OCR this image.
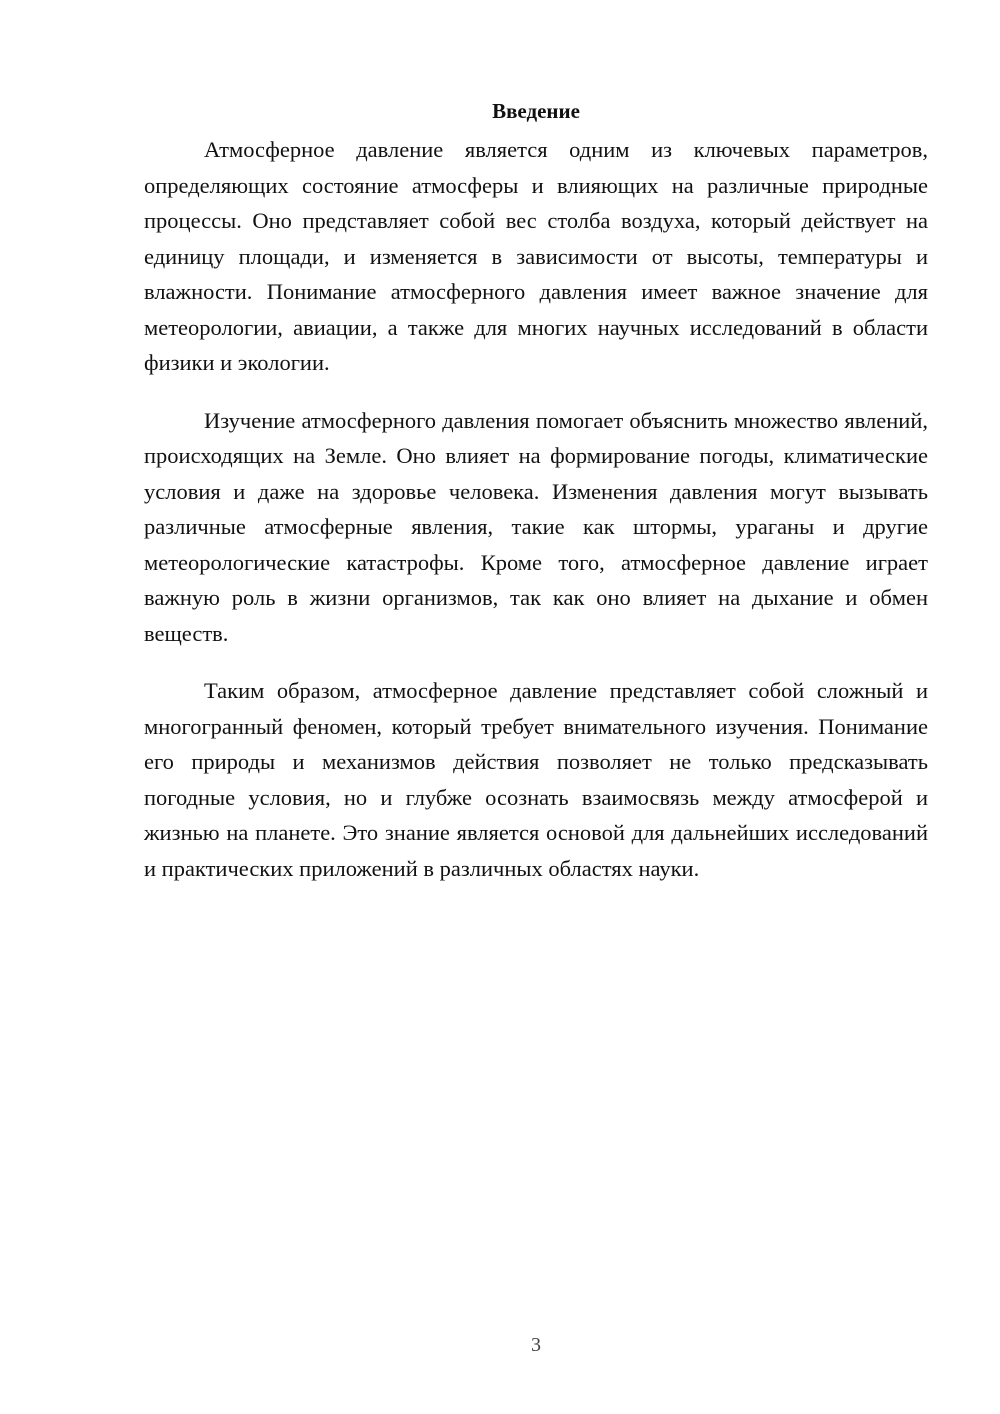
Введение

Атмосферное давление является одним из ключевых параметров, определяющих состояние атмосферы и влияющих на различные природные процессы. Оно представляет собой вес столба воздуха, который действует на единицу площади, и изменяется в зависимости от высоты, температуры и влажности. Понимание атмосферного давления имеет важное значение для метеорологии, авиации, а также для многих научных исследований в области физики и экологии.

Изучение атмосферного давления помогает объяснить множество явлений, происходящих на Земле. Оно влияет на формирование погоды, климатические условия и даже на здоровье человека. Изменения давления могут вызывать различные атмосферные явления, такие как штормы, ураганы и другие метеорологические катастрофы. Кроме того, атмосферное давление играет важную роль в жизни организмов, так как оно влияет на дыхание и обмен веществ.

Таким образом, атмосферное давление представляет собой сложный и многогранный феномен, который требует внимательного изучения. Понимание его природы и механизмов действия позволяет не только предсказывать погодные условия, но и глубже осознать взаимосвязь между атмосферой и жизнью на планете. Это знание является основой для дальнейших исследований и практических приложений в различных областях науки.

3
